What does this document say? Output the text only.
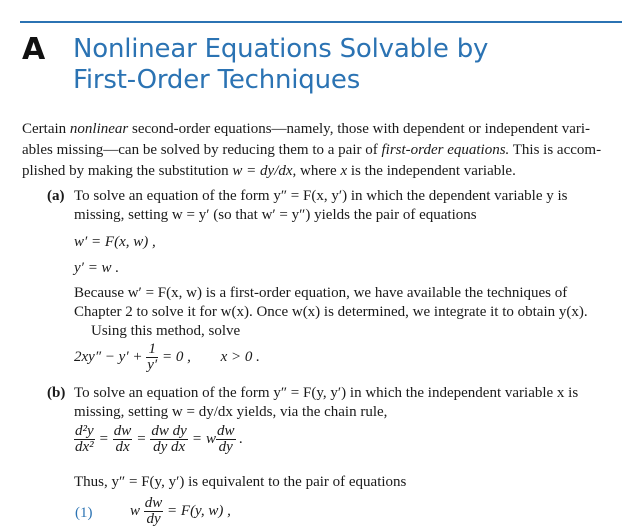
A Nonlinear Equations Solvable by
First-Order Techniques

Certain nonlinear second-order equations—namely, those with dependent or independent vari- ables missing—can be solved by reducing them to a pair of first-order equations. This is accom- plished by making the substitution w = dy/dx, where x is the independent variable.

(a) To solve an equation of the form y″ = F(x, y′) in which the dependent variable y is
missing, setting w = y′ (so that w′ = y″) yields the pair of equations
w′ = F(x, w) ,
y′ = w .
Because w′ = F(x, w) is a first-order equation, we have available the techniques of
Chapter 2 to solve it for w(x). Once w(x) is determined, we integrate it to obtain y(x).
Using this method, solve
$2xy'' - y' + \frac{1}{y'} = 0$ , x > 0 .
(b) To solve an equation of the form y″ = F(y, y′) in which the independent variable x is
missing, setting w = dy/dx yields, via the chain rule,
$\frac{\text{d²y}}{\text{dx²}} = \frac{dw}{dx} = \frac{\text{dw dy}}{\text{dy dx}} = w \frac{dw}{dy}$ .
Thus, y″ = F(y, y′) is equivalent to the pair of equations
(1)	w $\frac{dw}{dy} = F(y$, w) ,
